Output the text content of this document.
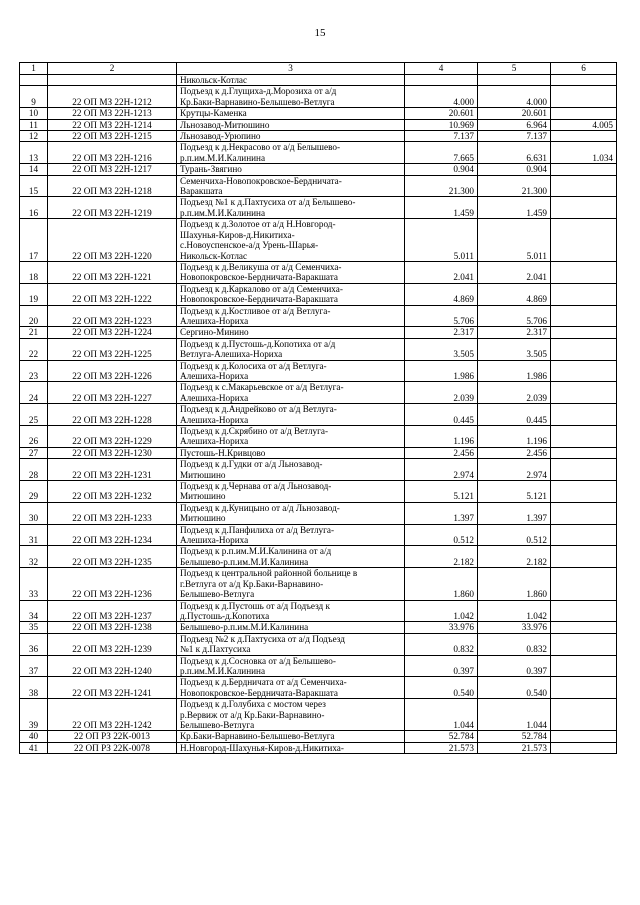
15
1	2	3	4	5	6

		Никольск-Котлас			

9	22 ОП МЗ 22Н-1212	Подъезд к д.Глущиха-д.Морозиха от а/д
Кр.Баки-Варнавино-Белышево-Ветлуга	4.000	4.000	
10	22 ОП МЗ 22Н-1213	Крутцы-Каменка	20.601	20.601	
11	22 ОП МЗ 22Н-1214	Льнозавод-Митюшино	10.969	6.964	4.005
12	22 ОП МЗ 22Н-1215	Льнозавод-Урюпино	7.137	7.137	
13	22 ОП МЗ 22Н-1216	Подъезд к д.Некрасово от а/д Белышево-
р.п.им.М.И.Калинина	7.665	6.631	1.034
14	22 ОП МЗ 22Н-1217	Турань-Звягино	0.904	0.904	
15	22 ОП МЗ 22Н-1218	Семенчиха-Новопокровское-Бердничата-
Варакшата	21.300	21.300	
16	22 ОП МЗ 22Н-1219	Подъезд №1 к д.Пахтусиха от а/д Белышево-
р.п.им.М.И.Калинина	1.459	1.459	
17	22 ОП МЗ 22Н-1220	Подъезд к д.Золотое от а/д Н.Новгород-
Шахунья-Киров-д.Никитиха-
с.Новоуспенское-а/д Урень-Шарья-
Никольск-Котлас	5.011	5.011	
18	22 ОП МЗ 22Н-1221	Подъезд к д.Великуша от а/д Семенчиха-
Новопокровское-Бердничата-Варакшата	2.041	2.041	
19	22 ОП МЗ 22Н-1222	Подъезд к д.Каркалово от а/д Семенчиха-
Новопокровское-Бердничата-Варакшата	4.869	4.869	
20	22 ОП МЗ 22Н-1223	Подъезд к д.Костливое от а/д Ветлуга-
Алешиха-Нориха	5.706	5.706	
21	22 ОП МЗ 22Н-1224	Сергино-Минино	2.317	2.317	
22	22 ОП МЗ 22Н-1225	Подъезд к д.Пустошь-д.Копотиха от а/д
Ветлуга-Алешиха-Нориха	3.505	3.505	
23	22 ОП МЗ 22Н-1226	Подъезд к д.Колосиха от а/д Ветлуга-
Алешиха-Нориха	1.986	1.986	
24	22 ОП МЗ 22Н-1227	Подъезд к с.Макарьевское от а/д Ветлуга-
Алешиха-Нориха	2.039	2.039	
25	22 ОП МЗ 22Н-1228	Подъезд к д.Андрейково от а/д Ветлуга-
Алешиха-Нориха	0.445	0.445	
26	22 ОП МЗ 22Н-1229	Подъезд к д.Скрябино от а/д Ветлуга-
Алешиха-Нориха	1.196	1.196	
27	22 ОП МЗ 22Н-1230	Пустошь-Н.Кривцово	2.456	2.456	
28	22 ОП МЗ 22Н-1231	Подъезд к д.Гудки от а/д Льнозавод-
Митюшино	2.974	2.974	
29	22 ОП МЗ 22Н-1232	Подъезд к д.Чернава от а/д Льнозавод-
Митюшино	5.121	5.121	
30	22 ОП МЗ 22Н-1233	Подъезд к д.Куницыно от а/д Льнозавод-
Митюшино	1.397	1.397	
31	22 ОП МЗ 22Н-1234	Подъезд к д.Панфилиха от а/д Ветлуга-
Алешиха-Нориха	0.512	0.512	
32	22 ОП МЗ 22Н-1235	Подъезд к р.п.им.М.И.Калинина от а/д
Белышево-р.п.им.М.И.Калинина	2.182	2.182	
33	22 ОП МЗ 22Н-1236	Подъезд к центральной районной больнице в
г.Ветлуга от а/д Кр.Баки-Варнавино-
Белышево-Ветлуга	1.860	1.860	
34	22 ОП МЗ 22Н-1237	Подъезд к д.Пустошь от а/д Подъезд к
д.Пустошь-д.Копотиха	1.042	1.042	
35	22 ОП МЗ 22Н-1238	Белышево-р.п.им.М.И.Калинина	33.976	33.976	
36	22 ОП МЗ 22Н-1239	Подъезд №2 к д.Пахтусиха от а/д Подъезд
№1 к д.Пахтусиха	0.832	0.832	
37	22 ОП МЗ 22Н-1240	Подъезд к д.Сосновка от а/д Белышево-
р.п.им.М.И.Калинина	0.397	0.397	
38	22 ОП МЗ 22Н-1241	Подъезд к д.Бердничата от а/д Семенчиха-
Новопокровское-Бердничата-Варакшата	0.540	0.540	
39	22 ОП МЗ 22Н-1242	Подъезд к д.Голубиха с мостом через
р.Вервиж от а/д Кр.Баки-Варнавино-
Белышево-Ветлуга	1.044	1.044	
40	22 ОП РЗ 22К-0013	Кр.Баки-Варнавино-Белышево-Ветлуга	52.784	52.784	
41	22 ОП РЗ 22К-0078	Н.Новгород-Шахунья-Киров-д.Никитиха-	21.573	21.573	
